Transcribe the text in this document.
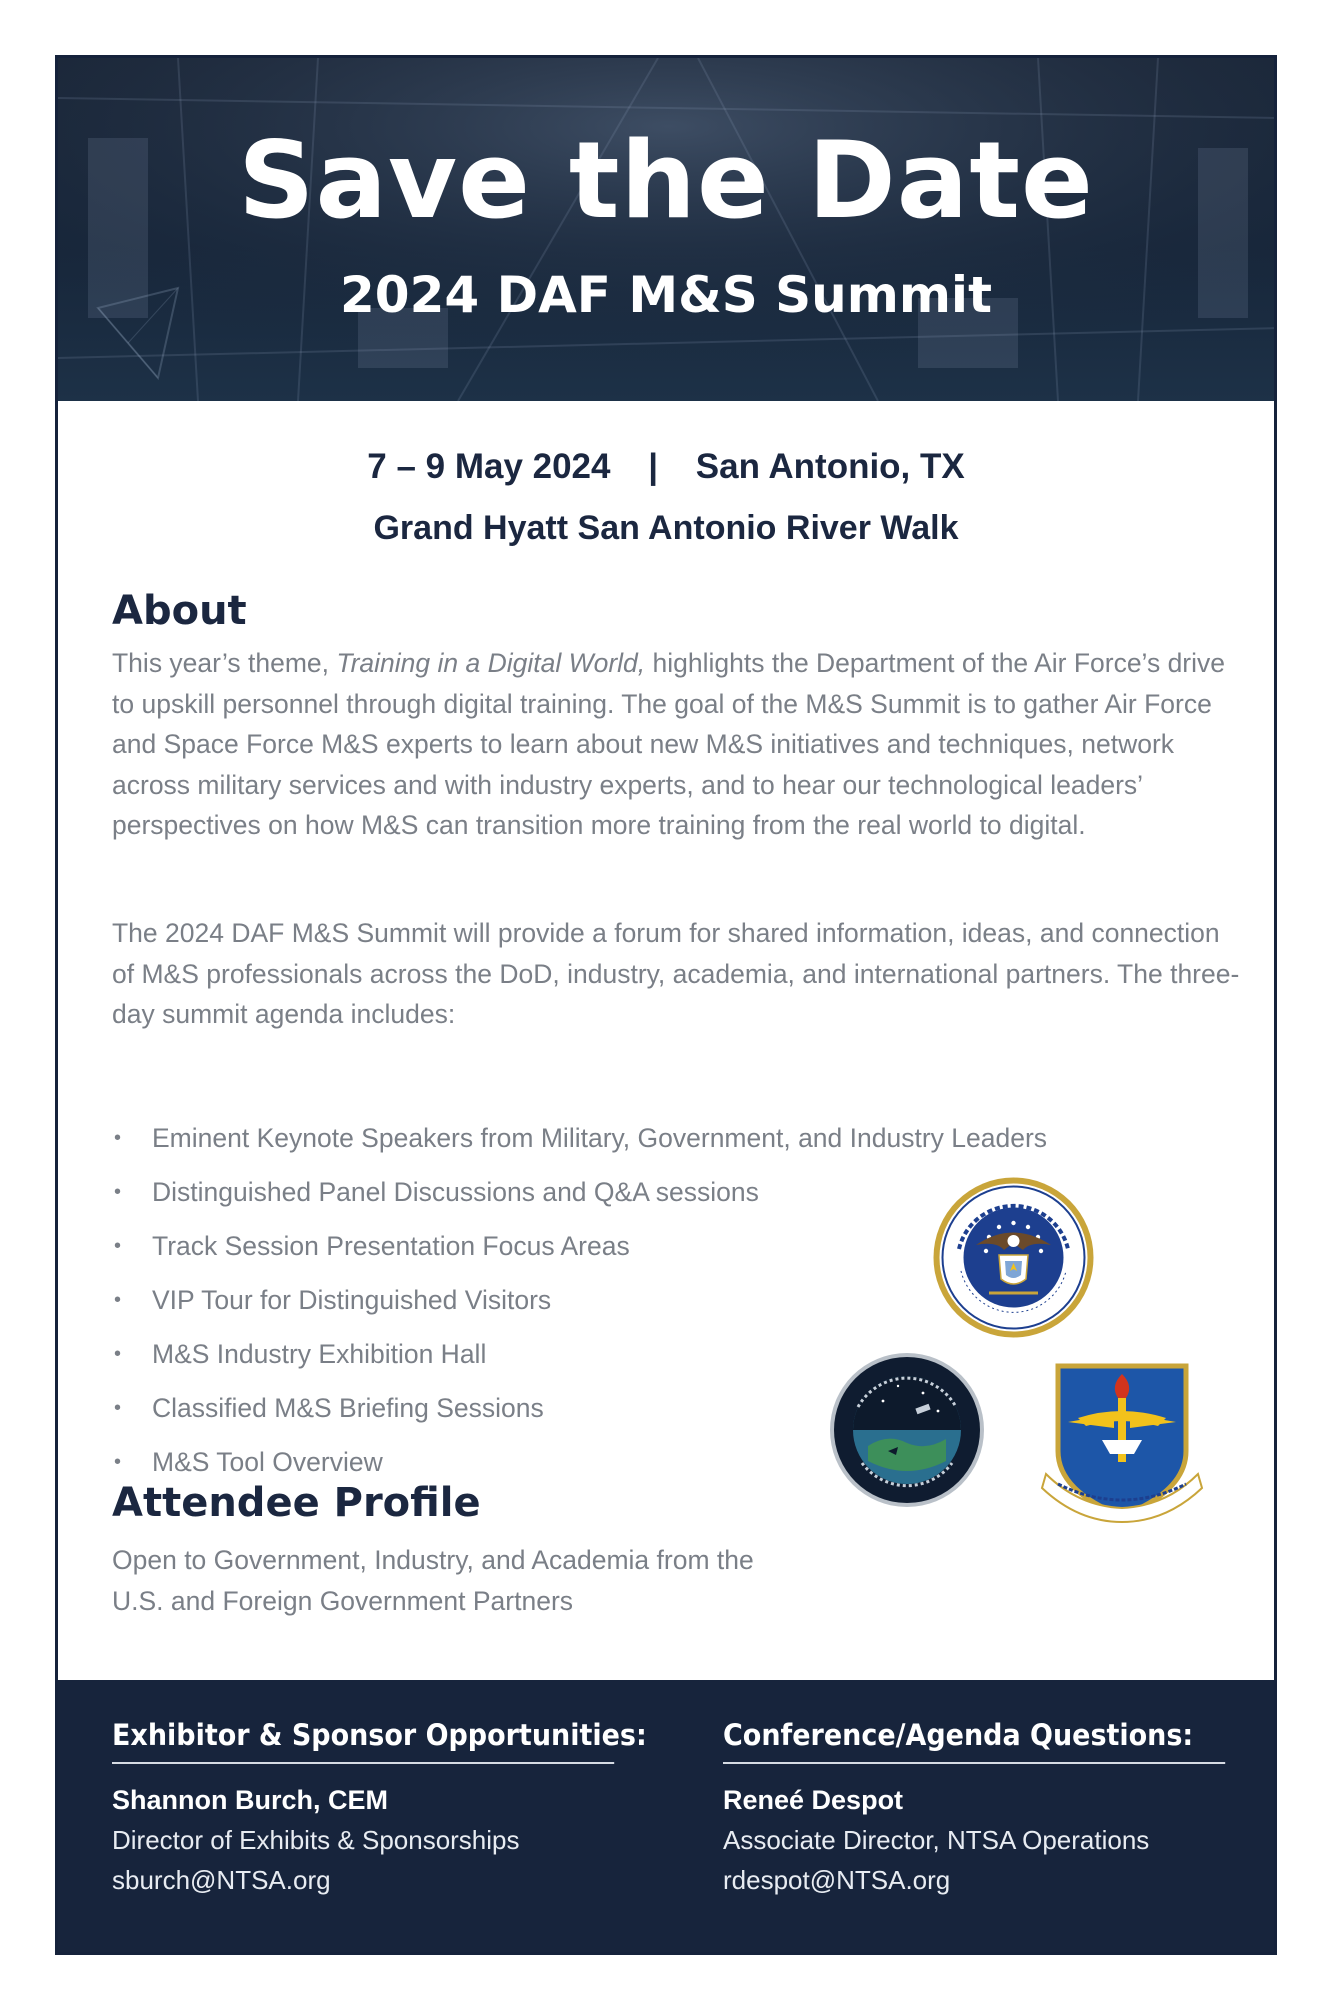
Save the Date
2024 DAF M&S Summit
7 – 9 May 2024 | San Antonio, TX
Grand Hyatt San Antonio River Walk
About

This year’s theme, Training in a Digital World, highlights the Department of the Air Force’s drive to upskill personnel through digital training. The goal of the M&S Summit is to gather Air Force and Space Force M&S experts to learn about new M&S initiatives and techniques, network across military services and with industry experts, and to hear our technological leaders’ perspectives on how M&S can transition more training from the real world to digital.

The 2024 DAF M&S Summit will provide a forum for shared information, ideas, and connection of M&S professionals across the DoD, industry, academia, and international partners. The three-day summit agenda includes:

• Eminent Keynote Speakers from Military, Government, and Industry Leaders
• Distinguished Panel Discussions and Q&A sessions
• Track Session Presentation Focus Areas
• VIP Tour for Distinguished Visitors
• M&S Industry Exhibition Hall
• Classified M&S Briefing Sessions
• M&S Tool Overview
Attendee Profile

Open to Government, Industry, and Academia from the U.S. and Foreign Government Partners

Exhibitor & Sponsor Opportunities:
Shannon Burch, CEM
Director of Exhibits & Sponsorships
sburch@NTSA.org
Conference/Agenda Questions:
Reneé Despot
Associate Director, NTSA Operations
rdespot@NTSA.org
